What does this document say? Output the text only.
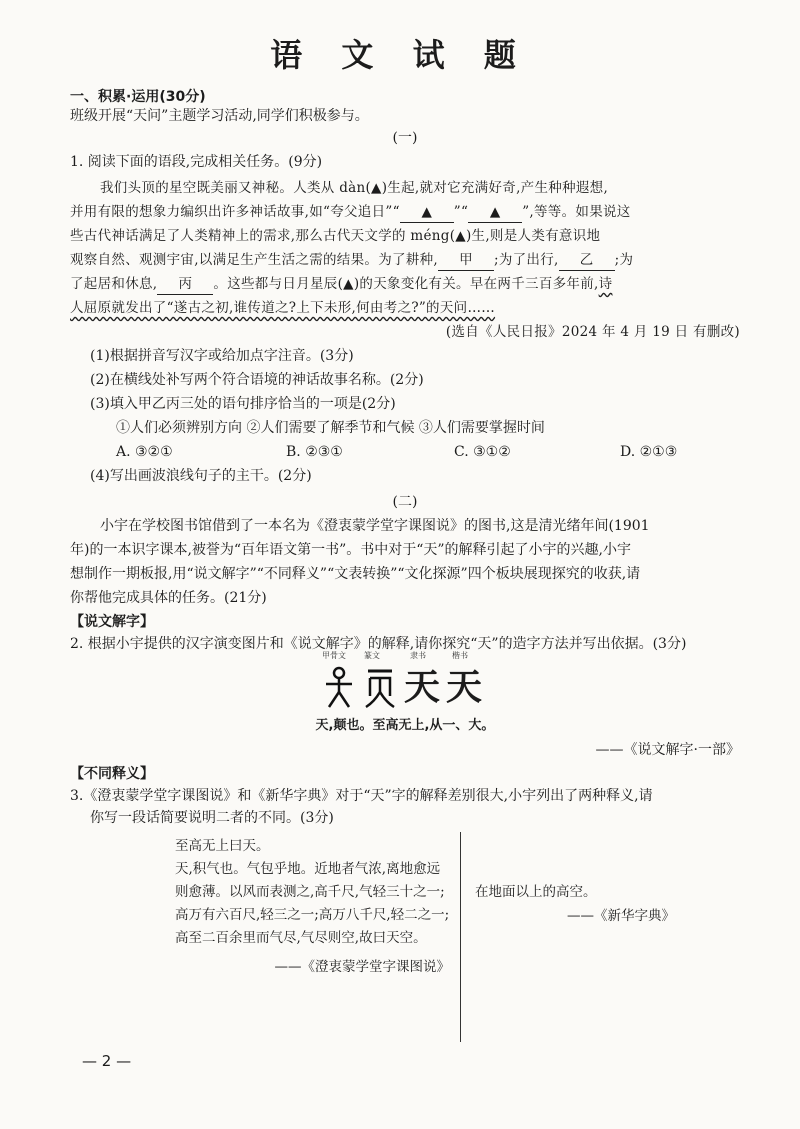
语 文 试 题
一、积累·运用(30分)
班级开展“天问”主题学习活动,同学们积极参与。
(一)
1. 阅读下面的语段,完成相关任务。(9分)
我们头顶的星空既美丽又神秘。人类从 dàn(▲)生起,就对它充满好奇,产生种种遐想,
并用有限的想象力编织出许多神话故事,如“夸父追日”“ ▲ ”“ ▲ ”,等等。如果说这
些古代神话满足了人类精神上的需求,那么古代天文学的 méng(▲)生,则是人类有意识地
观察自然、观测宇宙,以满足生产生活之需的结果。为了耕种, 甲 ;为了出行, 乙 ;为
了起居和休息, 丙 。这些都与日月星辰(▲)的天象变化有关。早在两千三百多年前,诗
人屈原就发出了“遂古之初,谁传道之?上下未形,何由考之?”的天问……
(选自《人民日报》2024 年 4 月 19 日 有删改)
(1)根据拼音写汉字或给加点字注音。(3分)
(2)在横线处补写两个符合语境的神话故事名称。(2分)
(3)填入甲乙丙三处的语句排序恰当的一项是(2分)
①人们必须辨别方向 ②人们需要了解季节和气候 ③人们需要掌握时间
A. ③②①	B. ②③①	C. ③①②	D. ②①③
(4)写出画波浪线句子的主干。(2分)
(二)
小宇在学校图书馆借到了一本名为《澄衷蒙学堂字课图说》的图书,这是清光绪年间(1901
年)的一本识字课本,被誉为“百年语文第一书”。书中对于“天”的解释引起了小宇的兴趣,小宇
想制作一期板报,用“说文解字”“不同释义”“文表转换”“文化探源”四个板块展现探究的收获,请
你帮他完成具体的任务。(21分)
【说文解字】
2. 根据小宇提供的汉字演变图片和《说文解字》的解释,请你探究“天”的造字方法并写出依据。(3分)
甲骨文 篆文	隶书	楷书
天 天
天,颠也。至高无上,从一、大。
——《说文解字·一部》
【不同释义】
3.《澄衷蒙学堂字课图说》和《新华字典》对于“天”字的解释差别很大,小宇列出了两种释义,请
你写一段话简要说明二者的不同。(3分)

至高无上曰天。

天,积气也。气包乎地。近地者气浓,离地愈远则愈薄。以风而表测之,高千尺,气轻三十之一;高万有六百尺,轻三之一;高万八千尺,轻二之一;高至二百余里而气尽,气尽则空,故曰天空。

——《澄衷蒙学堂字课图说》

在地面以上的高空。
——《新华字典》
— 2 —
